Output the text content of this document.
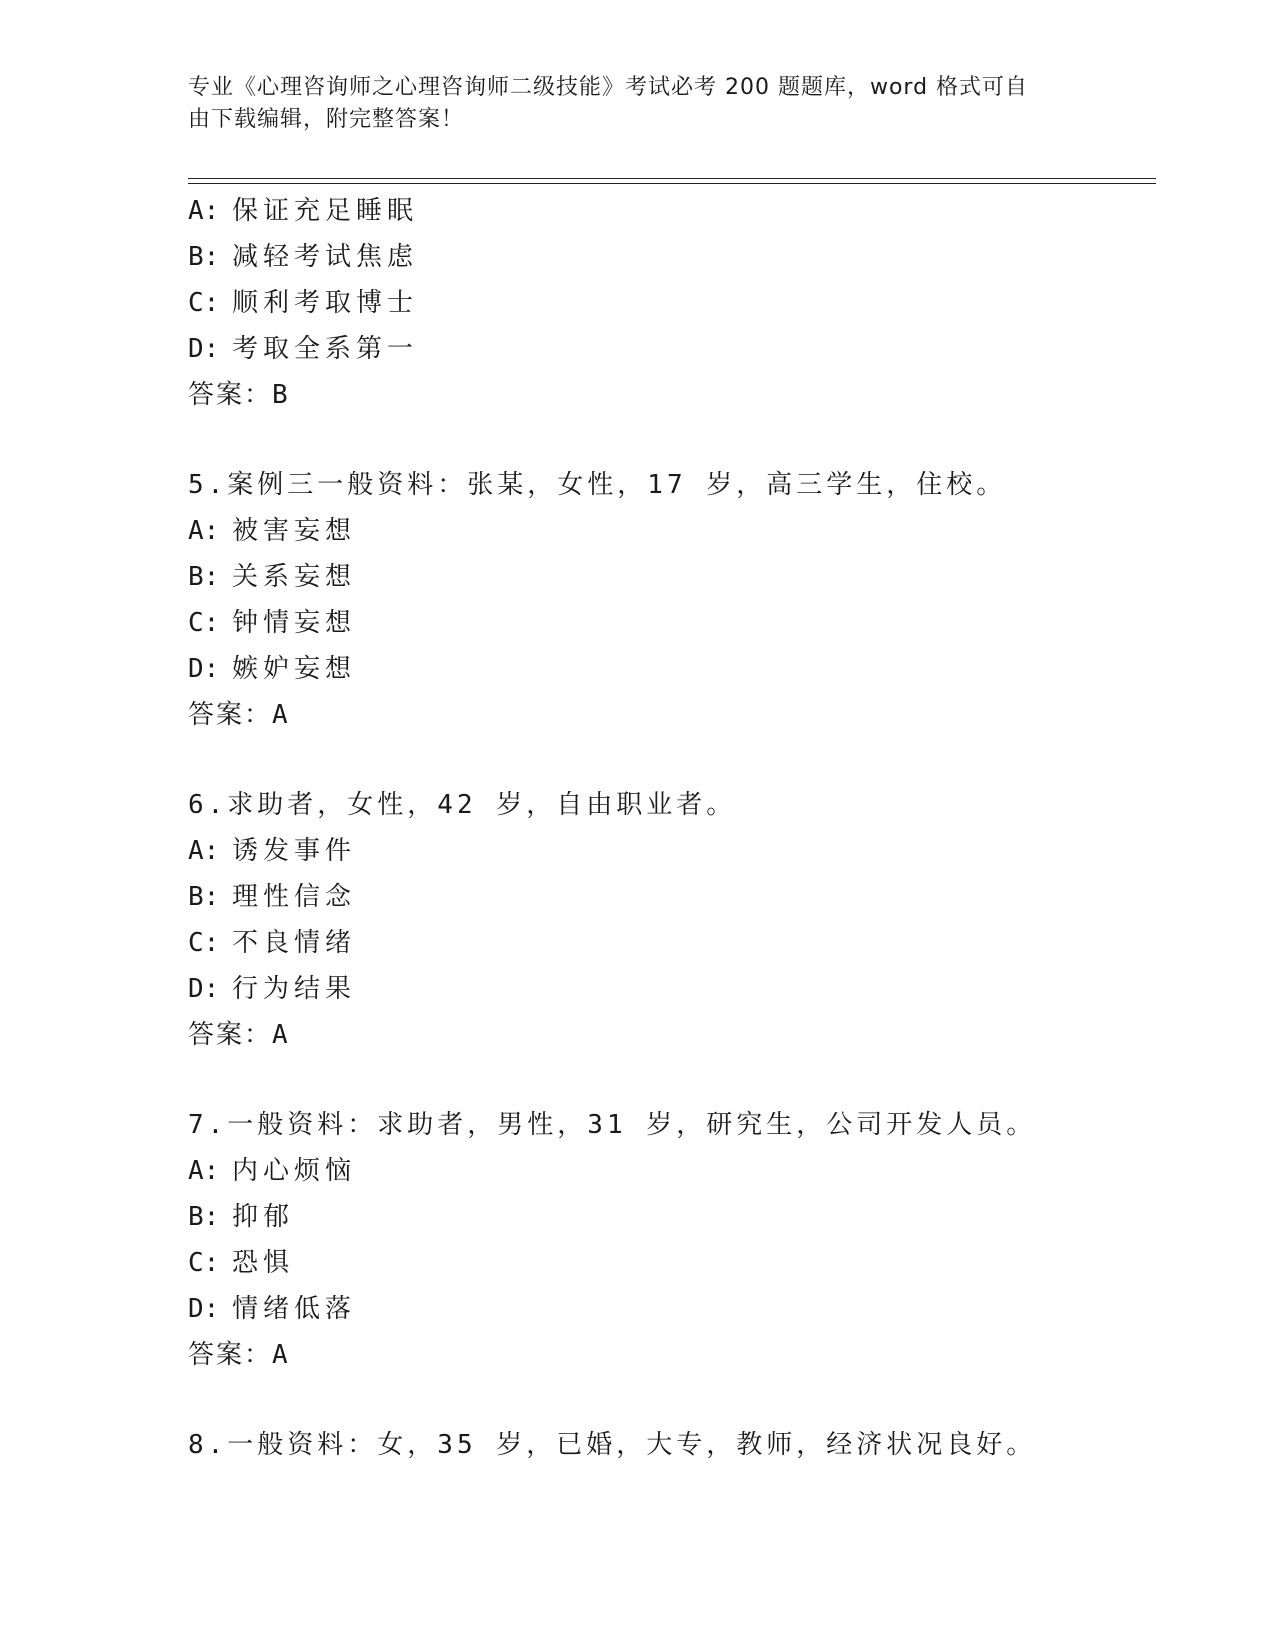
专业《心理咨询师之心理咨询师二级技能》考试必考 200 题题库，word 格式可自
由下载编辑，附完整答案！
A: 保证充足睡眠
B: 减轻考试焦虑
C: 顺利考取博士
D: 考取全系第一
答案：B
5.案例三一般资料：张某，女性，17 岁，高三学生，住校。
A: 被害妄想
B: 关系妄想
C: 钟情妄想
D: 嫉妒妄想
答案：A
6.求助者，女性，42 岁，自由职业者。
A: 诱发事件
B: 理性信念
C: 不良情绪
D: 行为结果
答案：A
7.一般资料：求助者，男性，31 岁，研究生，公司开发人员。
A: 内心烦恼
B: 抑郁
C: 恐惧
D: 情绪低落
答案：A
8.一般资料：女，35 岁，已婚，大专，教师，经济状况良好。
